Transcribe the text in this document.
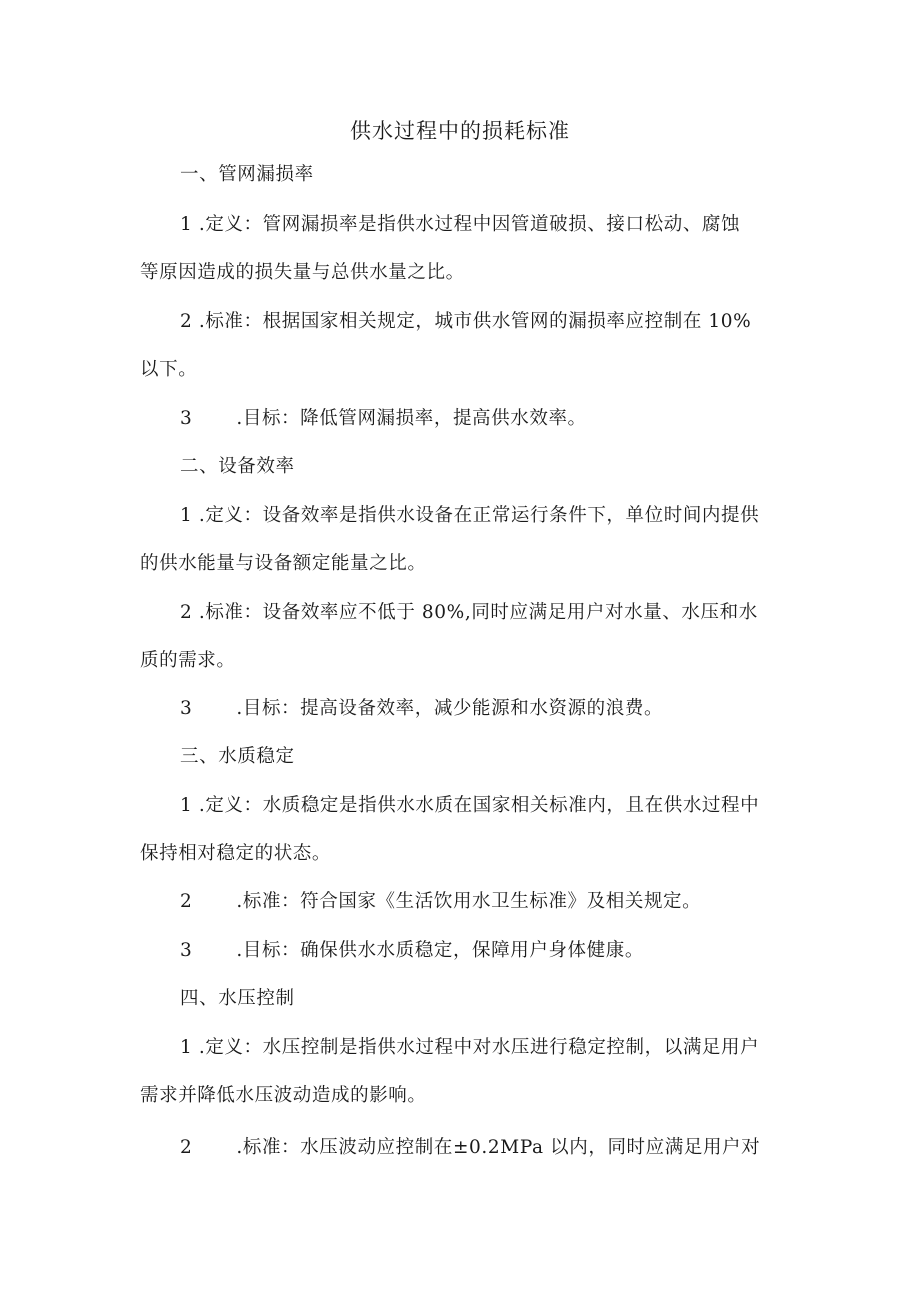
供水过程中的损耗标准
一、管网漏损率
1 .定义：管网漏损率是指供水过程中因管道破损、接口松动、腐蚀
等原因造成的损失量与总供水量之比。
2 .标准：根据国家相关规定，城市供水管网的漏损率应控制在 10%
以下。
3 .目标：降低管网漏损率，提高供水效率。
二、设备效率
1 .定义：设备效率是指供水设备在正常运行条件下，单位时间内提供
的供水能量与设备额定能量之比。
2 .标准：设备效率应不低于 80%,同时应满足用户对水量、水压和水
质的需求。
3 .目标：提高设备效率，减少能源和水资源的浪费。
三、水质稳定
1 .定义：水质稳定是指供水水质在国家相关标准内，且在供水过程中
保持相对稳定的状态。
2 .标准：符合国家《生活饮用水卫生标准》及相关规定。
3 .目标：确保供水水质稳定，保障用户身体健康。
四、水压控制
1 .定义：水压控制是指供水过程中对水压进行稳定控制，以满足用户
需求并降低水压波动造成的影响。
2 .标准：水压波动应控制在±0.2MPa 以内，同时应满足用户对
